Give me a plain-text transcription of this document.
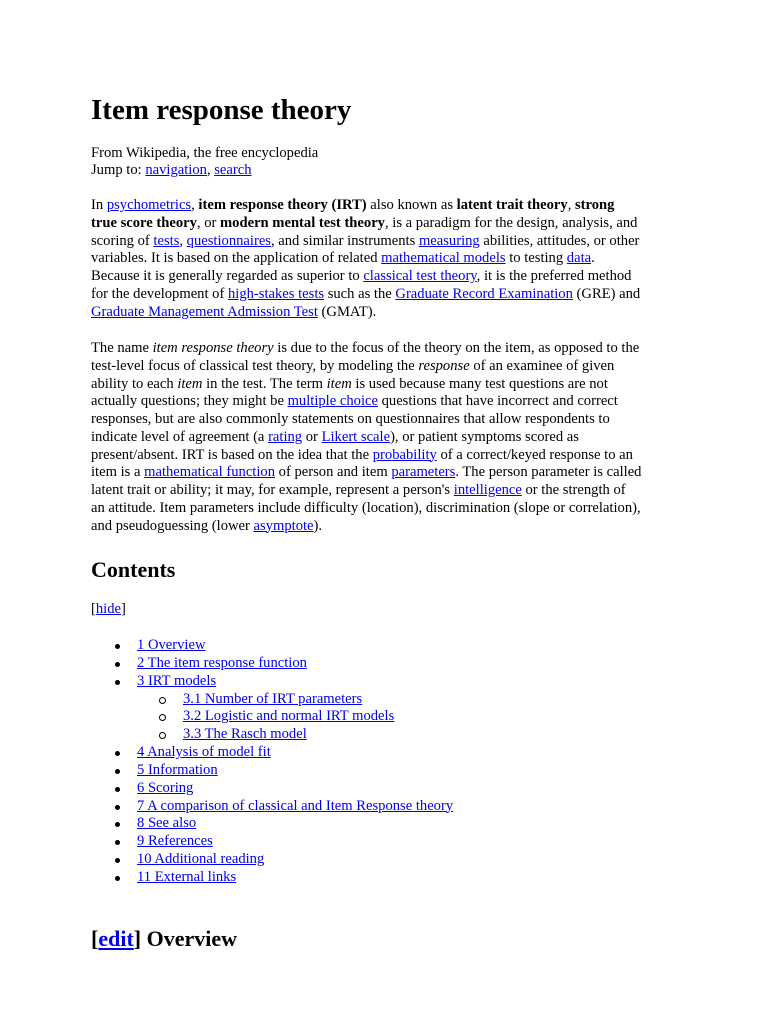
Item response theory
From Wikipedia, the free encyclopedia
Jump to: navigation, search

In psychometrics, item response theory (IRT) also known as latent trait theory, strong
true score theory, or modern mental test theory, is a paradigm for the design, analysis, and
scoring of tests, questionnaires, and similar instruments measuring abilities, attitudes, or other
variables. It is based on the application of related mathematical models to testing data.
Because it is generally regarded as superior to classical test theory, it is the preferred method
for the development of high-stakes tests such as the Graduate Record Examination (GRE) and
Graduate Management Admission Test (GMAT).

The name item response theory is due to the focus of the theory on the item, as opposed to the
test-level focus of classical test theory, by modeling the response of an examinee of given
ability to each item in the test. The term item is used because many test questions are not
actually questions; they might be multiple choice questions that have incorrect and correct
responses, but are also commonly statements on questionnaires that allow respondents to
indicate level of agreement (a rating or Likert scale), or patient symptoms scored as
present/absent. IRT is based on the idea that the probability of a correct/keyed response to an
item is a mathematical function of person and item parameters. The person parameter is called
latent trait or ability; it may, for example, represent a person's intelligence or the strength of
an attitude. Item parameters include difficulty (location), discrimination (slope or correlation),
and pseudoguessing (lower asymptote).

Contents
[hide]
1 Overview
2 The item response function
3 IRT models
3.1 Number of IRT parameters
3.2 Logistic and normal IRT models
3.3 The Rasch model
4 Analysis of model fit
5 Information
6 Scoring
7 A comparison of classical and Item Response theory
8 See also
9 References
10 Additional reading
11 External links
[edit] Overview
